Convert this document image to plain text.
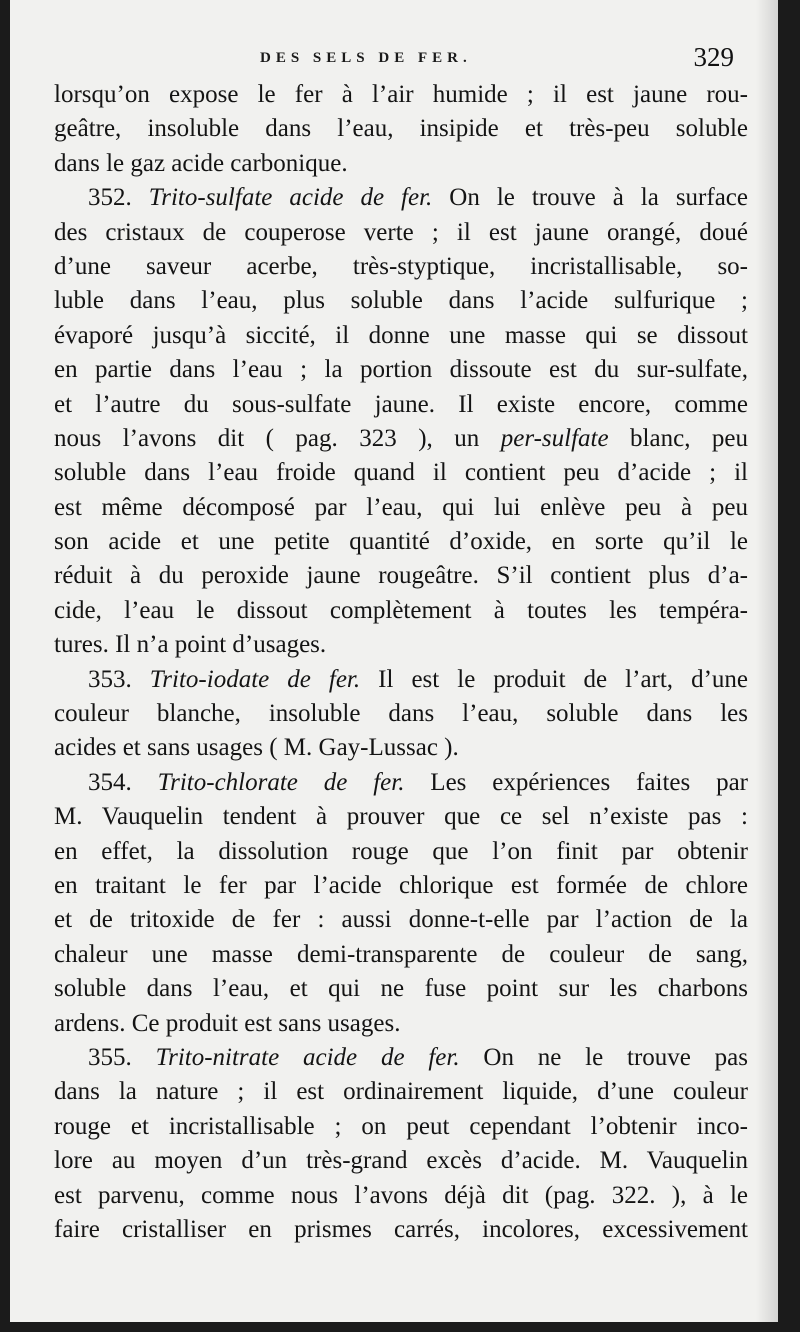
DES SELS DE FER.	329
lorsqu’on expose le fer à l’air humide ; il est jaune rou-
geâtre, insoluble dans l’eau, insipide et très-peu soluble
dans le gaz acide carbonique.
352. Trito-sulfate acide de fer. On le trouve à la surface
des cristaux de couperose verte ; il est jaune orangé, doué
d’une saveur acerbe, très-styptique, incristallisable, so-
luble dans l’eau, plus soluble dans l’acide sulfurique ;
évaporé jusqu’à siccité, il donne une masse qui se dissout
en partie dans l’eau ; la portion dissoute est du sur-sulfate,
et l’autre du sous-sulfate jaune. Il existe encore, comme
nous l’avons dit ( pag. 323 ), un per-sulfate blanc, peu
soluble dans l’eau froide quand il contient peu d’acide ; il
est même décomposé par l’eau, qui lui enlève peu à peu
son acide et une petite quantité d’oxide, en sorte qu’il le
réduit à du peroxide jaune rougeâtre. S’il contient plus d’a-
cide, l’eau le dissout complètement à toutes les tempéra-
tures. Il n’a point d’usages.
353. Trito-iodate de fer. Il est le produit de l’art, d’une
couleur blanche, insoluble dans l’eau, soluble dans les
acides et sans usages ( M. Gay-Lussac ).
354. Trito-chlorate de fer. Les expériences faites par
M. Vauquelin tendent à prouver que ce sel n’existe pas :
en effet, la dissolution rouge que l’on finit par obtenir
en traitant le fer par l’acide chlorique est formée de chlore
et de tritoxide de fer : aussi donne-t-elle par l’action de la
chaleur une masse demi-transparente de couleur de sang,
soluble dans l’eau, et qui ne fuse point sur les charbons
ardens. Ce produit est sans usages.
355. Trito-nitrate acide de fer. On ne le trouve pas
dans la nature ; il est ordinairement liquide, d’une couleur
rouge et incristallisable ; on peut cependant l’obtenir inco-
lore au moyen d’un très-grand excès d’acide. M. Vauquelin
est parvenu, comme nous l’avons déjà dit (pag. 322. ), à le
faire cristalliser en prismes carrés, incolores, excessivement
